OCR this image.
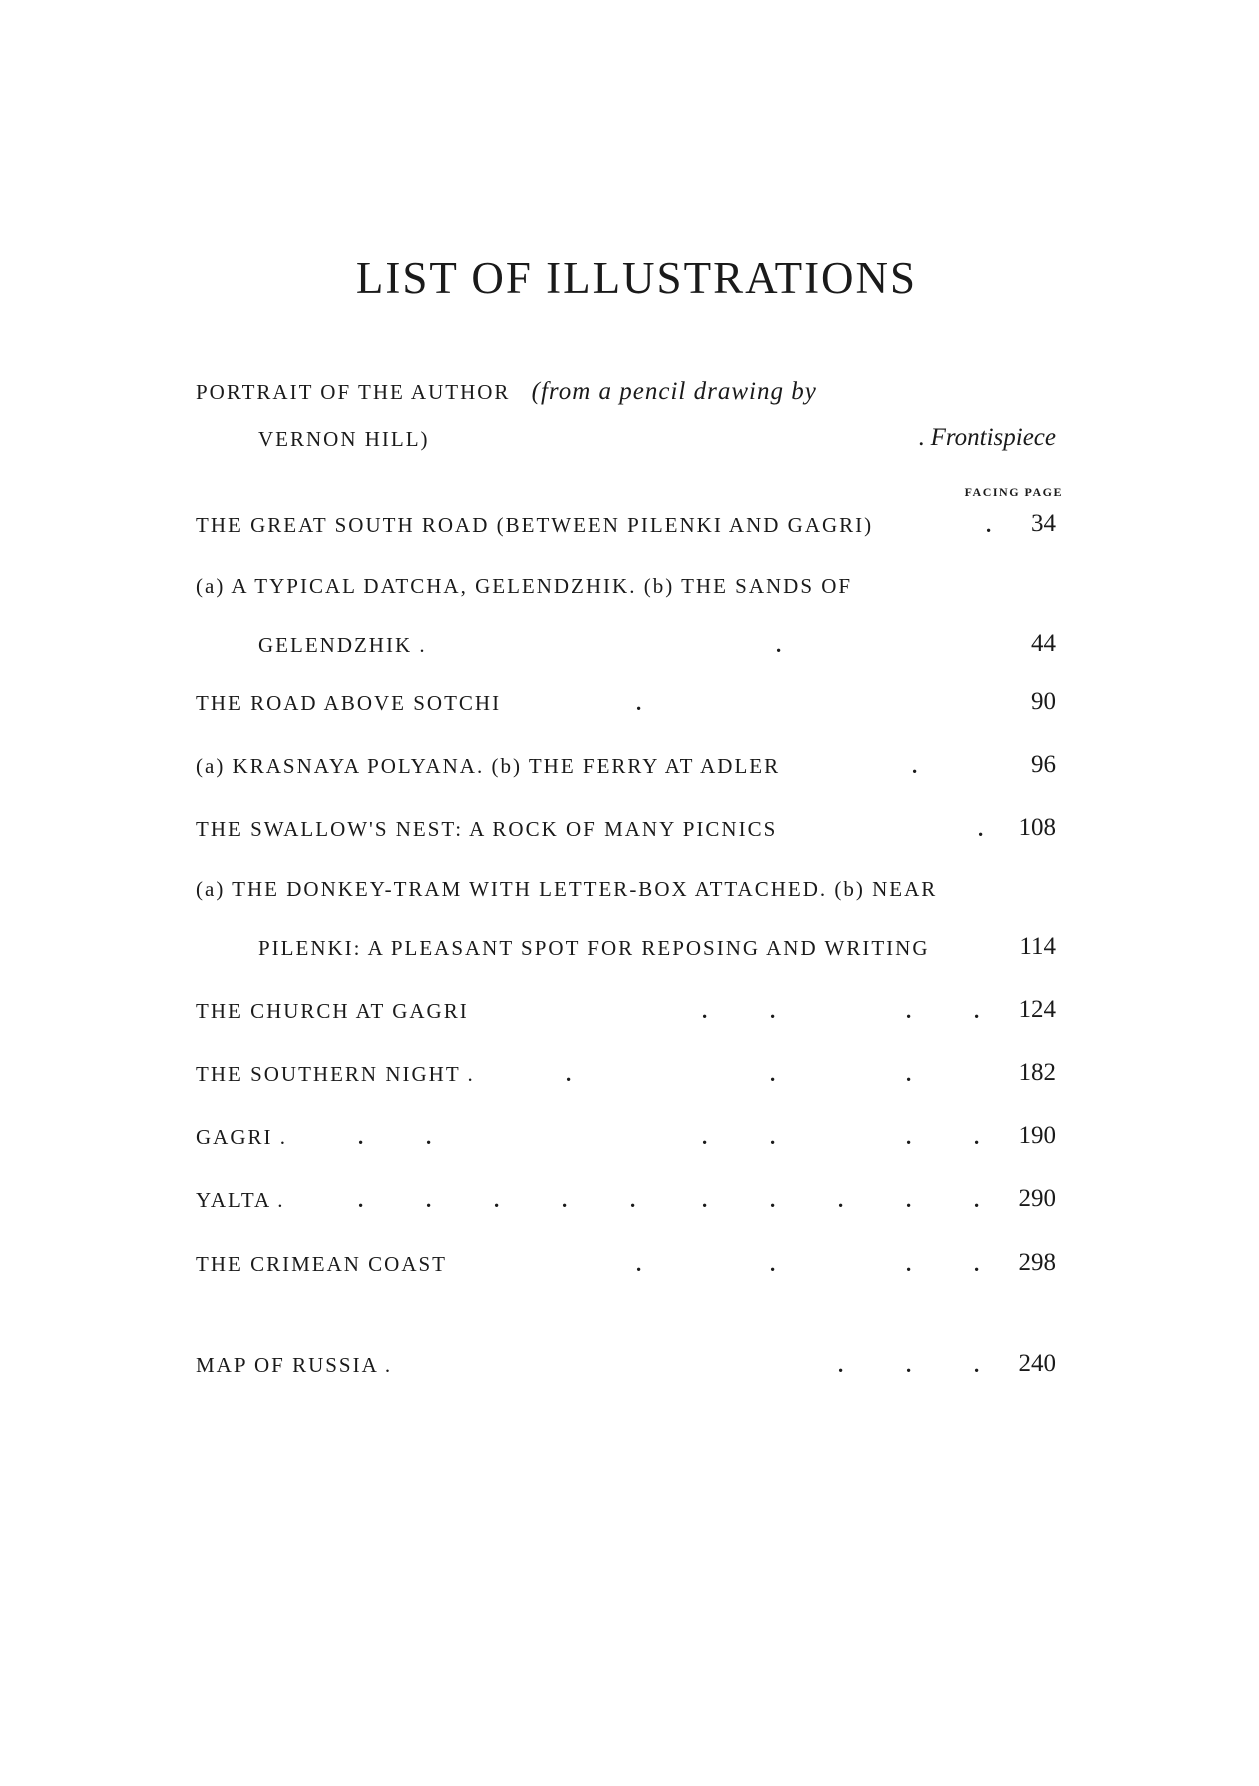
LIST OF ILLUSTRATIONS
FACING PAGE
PORTRAIT OF THE AUTHOR (from a pencil drawing by
VERNON HILL)	. Frontispiece
THE GREAT SOUTH ROAD (BETWEEN PILENKI AND GAGRI)	. 34
(a) A TYPICAL DATCHA, GELENDZHIK. (b) THE SANDS OF
GELENDZHIK .	.	44
THE ROAD ABOVE SOTCHI	.	90
(a) KRASNAYA POLYANA. (b) THE FERRY AT ADLER	.	96
THE SWALLOW'S NEST: A ROCK OF MANY PICNICS	. 108
(a) THE DONKEY-TRAM WITH LETTER-BOX ATTACHED. (b) NEAR
PILENKI: A PLEASANT SPOT FOR REPOSING AND WRITING	114
THE CHURCH AT GAGRI	.	.	.	. 124
THE SOUTHERN NIGHT .	.	.	.	182
GAGRI .	.	.	.	.	.	. 190
YALTA .	.	.	.	.	.	.	.	.	.	. 290
THE CRIMEAN COAST	.	.	.	. 298
MAP OF RUSSIA .	.	.	. 240
